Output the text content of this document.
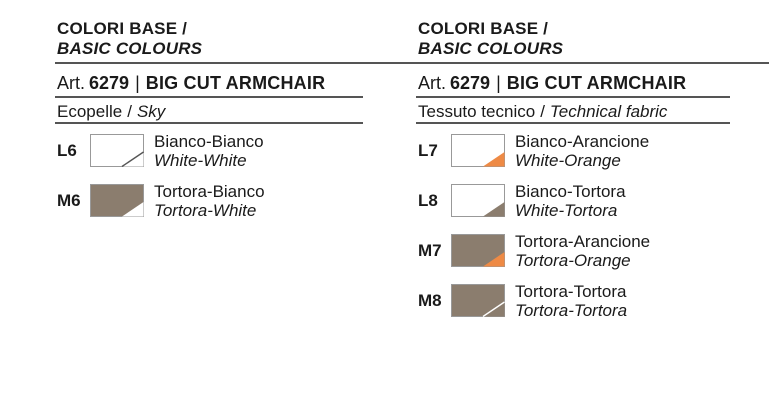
COLORI BASE /
BASIC COLOURS
Art. 6279 | BIG CUT ARMCHAIR
Ecopelle / Sky
L6	Bianco-Bianco
White-White
M6	Tortora-Bianco
Tortora-White
COLORI BASE /
BASIC COLOURS
Art. 6279 | BIG CUT ARMCHAIR
Tessuto tecnico / Technical fabric
L7	Bianco-Arancione
White-Orange
L8	Bianco-Tortora
White-Tortora
M7	Tortora-Arancione
Tortora-Orange
M8	Tortora-Tortora
Tortora-Tortora
